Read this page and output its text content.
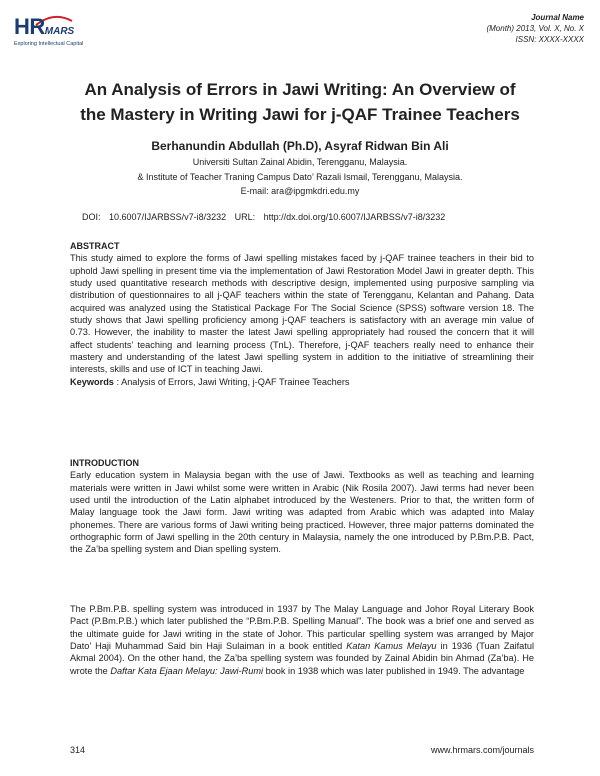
HRMARS
Exploring Intellectual Capital
Journal Name
(Month) 2013, Vol. X, No. X
ISSN: XXXX-XXXX
An Analysis of Errors in Jawi Writing: An Overview of
the Mastery in Writing Jawi for j-QAF Trainee Teachers
Berhanundin Abdullah (Ph.D), Asyraf Ridwan Bin Ali
Universiti Sultan Zainal Abidin, Terengganu, Malaysia.
& Institute of Teacher Traning Campus Dato’ Razali Ismail, Terengganu, Malaysia.
E-mail: ara@ipgmkdri.edu.my
DOI: 10.6007/IJARBSS/v7-i8/3232 URL: http://dx.doi.org/10.6007/IJARBSS/v7-i8/3232
ABSTRACT
This study aimed to explore the forms of Jawi spelling mistakes faced by j-QAF trainee teachers in their bid to uphold Jawi spelling in present time via the implementation of Jawi Restoration Model Jawi in greater depth. This study used quantitative research methods with descriptive design, implemented using purposive sampling via distribution of questionnaires to all j-QAF teachers within the state of Terengganu, Kelantan and Pahang. Data acquired was analyzed using the Statistical Package For The Social Science (SPSS) software version 18. The study shows that Jawi spelling proficiency among j-QAF teachers is satisfactory with an average min value of 0.73. However, the inability to master the latest Jawi spelling appropriately had roused the concern that it will affect students’ teaching and learning process (TnL). Therefore, j-QAF teachers really need to enhance their mastery and understanding of the latest Jawi spelling system in addition to the initiative of streamlining their interests, skills and use of ICT in teaching Jawi.
Keywords : Analysis of Errors, Jawi Writing, j-QAF Trainee Teachers
INTRODUCTION
Early education system in Malaysia began with the use of Jawi. Textbooks as well as teaching and learning materials were written in Jawi whilst some were written in Arabic (Nik Rosila 2007). Jawi terms had never been used until the introduction of the Latin alphabet introduced by the Westeners. Prior to that, the written form of Malay language took the Jawi form. Jawi writing was adapted from Arabic which was adapted into Malay phonemes. There are various forms of Jawi writing being practiced. However, three major patterns dominated the orthographic form of Jawi spelling in the 20th century in Malaysia, namely the one introduced by P.Bm.P.B. Pact, the Za’ba spelling system and Dian spelling system.
The P.Bm.P.B. spelling system was introduced in 1937 by The Malay Language and Johor Royal Literary Book Pact (P.Bm.P.B.) which later published the “P.Bm.P.B. Spelling Manual”. The book was a brief one and served as the ultimate guide for Jawi writing in the state of Johor. This particular spelling system was arranged by Major Dato’ Haji Muhammad Said bin Haji Sulaiman in a book entitled Katan Kamus Melayu in 1936 (Tuan Zaifatul Akmal 2004). On the other hand, the Za’ba spelling system was founded by Zainal Abidin bin Ahmad (Za’ba). He wrote the Daftar Kata Ejaan Melayu: Jawi-Rumi book in 1938 which was later published in 1949. The advantage
314	www.hrmars.com/journals
